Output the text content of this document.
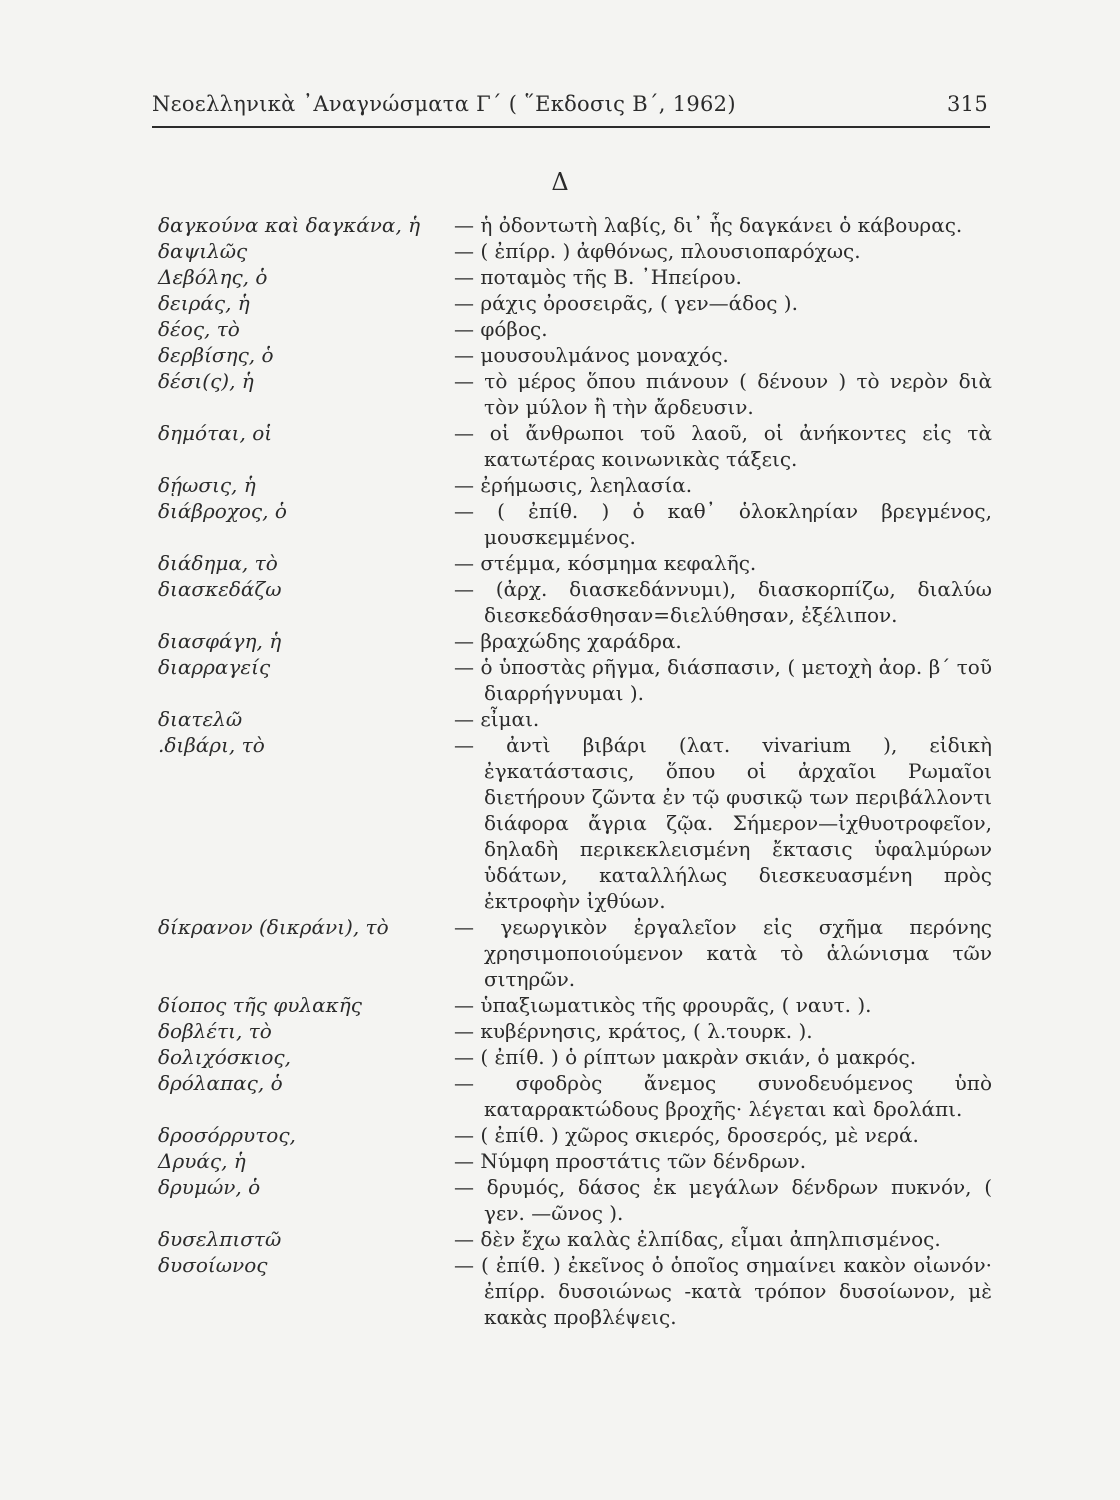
Νεοελληνικὰ ᾿Αναγνώσματα Γ΄ ( ῞Εκδοσις Β΄, 1962)	315
Δ
δαγκούνα καὶ δαγκάνα, ἡ	— ἡ ὀδοντωτὴ λαβίς, δι᾿ ἧς δαγκάνει ὁ κάβουρας.
δαψιλῶς	— ( ἐπίρρ. ) ἀφθόνως, πλουσιοπαρόχως.
Δεβόλης, ὁ	— ποταμὸς τῆς Β. ᾿Ηπείρου.
δειράς, ἡ	— ράχις ὀροσειρᾶς, ( γεν—άδος ).
δέος, τὸ	— φόβος.
δερβίσης, ὁ	— μουσουλμάνος μοναχός.
δέσι(ς), ἡ	— τὸ μέρος ὅπου πιάνουν ( δένουν ) τὸ νερὸν διὰ τὸν μύλον ἢ τὴν ἄρδευσιν.
δημόται, οἱ	— οἱ ἄνθρωποι τοῦ λαοῦ, οἱ ἀνήκοντες εἰς τὰ κατωτέρας κοινωνικὰς τάξεις.
δῄωσις, ἡ	— ἐρήμωσις, λεηλασία.
διάβροχος, ὁ	— ( ἐπίθ. ) ὁ καθ᾿ ὁλοκληρίαν βρεγμένος, μουσκεμμένος.
διάδημα, τὸ	— στέμμα, κόσμημα κεφαλῆς.
διασκεδάζω	— (ἀρχ. διασκεδάννυμι), διασκορπίζω, διαλύω διεσκεδάσθησαν=διελύθησαν, ἐξέλιπον.
διασφάγη, ἡ	— βραχώδης χαράδρα.
διαρραγείς	— ὁ ὑποστὰς ρῆγμα, διάσπασιν, ( μετοχὴ ἀορ. β΄ τοῦ διαρρήγνυμαι ).
διατελῶ	— εἶμαι.
.διβάρι, τὸ	— ἀντὶ βιβάρι (λατ. vivarium ), εἰδικὴ ἐγκατάστασις, ὅπου οἱ ἀρχαῖοι Ρωμαῖοι διετήρουν ζῶντα ἐν τῷ φυσικῷ των περιβάλλοντι διάφορα ἄγρια ζῷα. Σήμερον—ἰχθυοτροφεῖον, δηλαδὴ περικεκλεισμένη ἔκτασις ὑφαλμύρων ὑδάτων, καταλλήλως διεσκευασμένη πρὸς ἐκτροφὴν ἰχθύων.
δίκρανον (δικράνι), τὸ	— γεωργικὸν ἐργαλεῖον εἰς σχῆμα περόνης χρησιμοποιούμενον κατὰ τὸ ἁλώνισμα τῶν σιτηρῶν.
δίοπος τῆς φυλακῆς	— ὑπαξιωματικὸς τῆς φρουρᾶς, ( ναυτ. ).
δοβλέτι, τὸ	— κυβέρνησις, κράτος, ( λ.τουρκ. ).
δολιχόσκιος,	— ( ἐπίθ. ) ὁ ρίπτων μακρὰν σκιάν, ὁ μακρός.
δρόλαπας, ὁ	— σφοδρὸς ἄνεμος συνοδευόμενος ὑπὸ καταρρακτώδους βροχῆς· λέγεται καὶ δρολάπι.
δροσόρρυτος,	— ( ἐπίθ. ) χῶρος σκιερός, δροσερός, μὲ νερά.
Δρυάς, ἡ	— Νύμφη προστάτις τῶν δένδρων.
δρυμών, ὁ	— δρυμός, δάσος ἐκ μεγάλων δένδρων πυκνόν, ( γεν. —ῶνος ).
δυσελπιστῶ	— δὲν ἔχω καλὰς ἐλπίδας, εἶμαι ἀπηλπισμένος.
δυσοίωνος	— ( ἐπίθ. ) ἐκεῖνος ὁ ὁποῖος σημαίνει κακὸν οἰωνόν· ἐπίρρ. δυσοιώνως -κατὰ τρόπον δυσοίωνον, μὲ κακὰς προβλέψεις.
